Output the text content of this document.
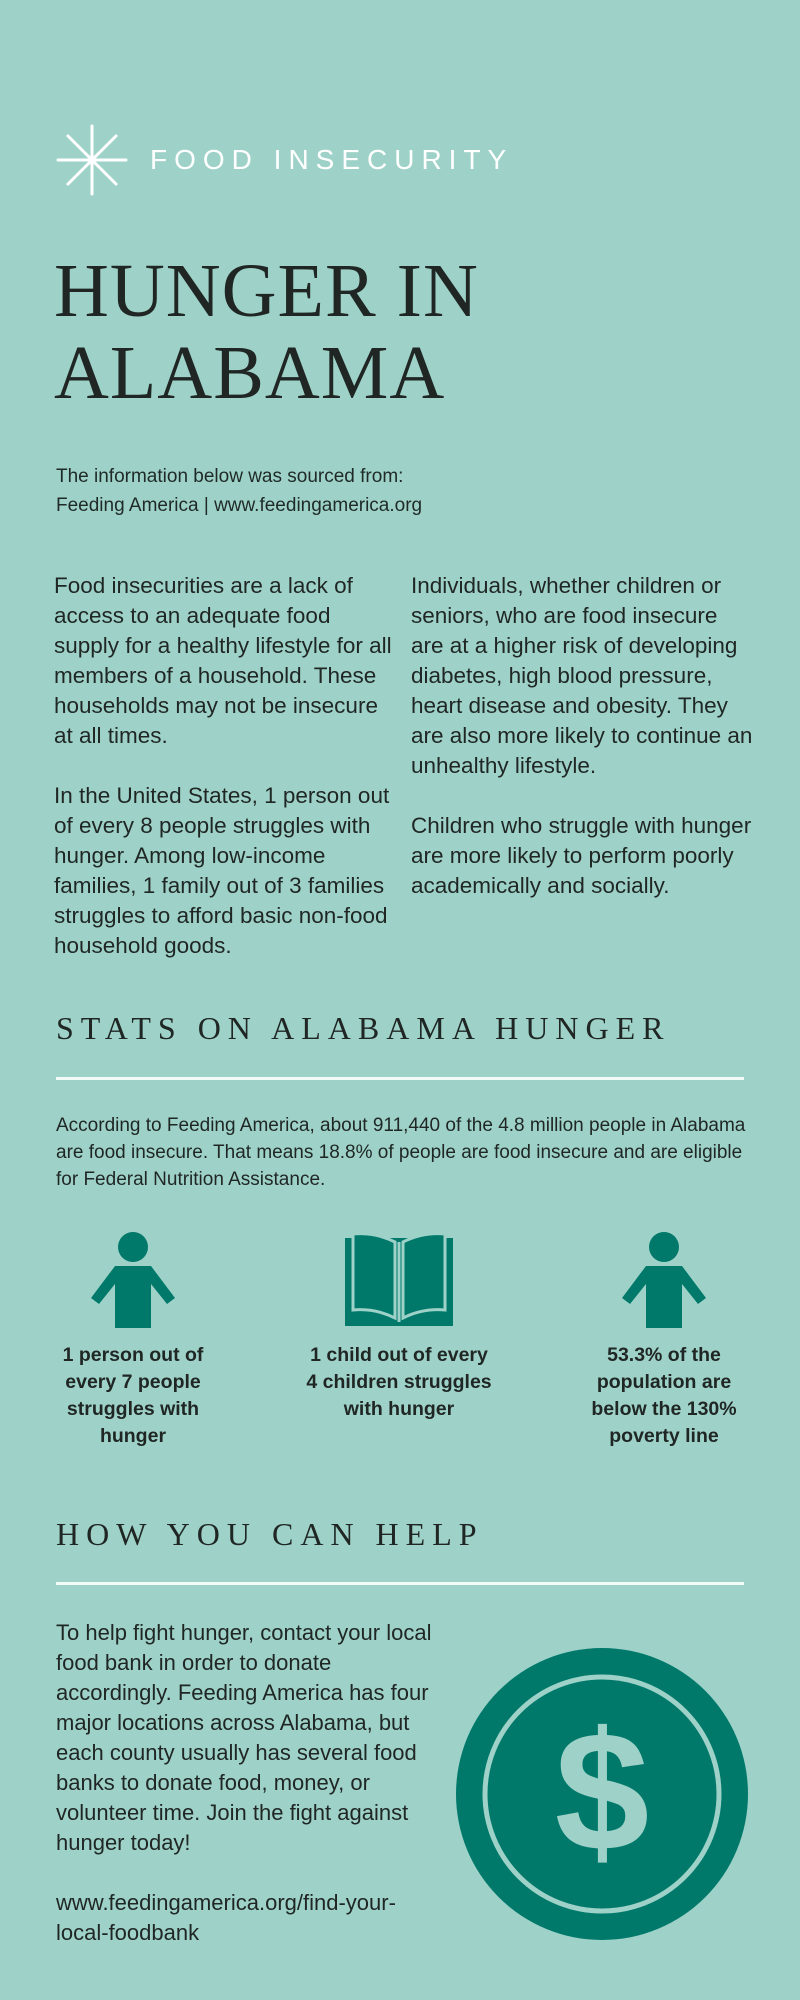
FOOD INSECURITY
HUNGER IN ALABAMA
The information below was sourced from:
Feeding America | www.feedingamerica.org

Food insecurities are a lack of access to an adequate food supply for a healthy lifestyle for all members of a household. These households may not be insecure at all times.

In the United States, 1 person out of every 8 people struggles with hunger. Among low-income families, 1 family out of 3 families struggles to afford basic non-food household goods.

Individuals, whether children or seniors, who are food insecure are at a higher risk of developing diabetes, high blood pressure, heart disease and obesity. They are also more likely to continue an unhealthy lifestyle.

Children who struggle with hunger are more likely to perform poorly academically and socially.

STATS ON ALABAMA HUNGER
According to Feeding America, about 911,440 of the 4.8 million people in Alabama are food insecure. That means 18.8% of people are food insecure and are eligible for Federal Nutrition Assistance.
1 person out of every 7 people struggles with hunger
1 child out of every 4 children struggles with hunger
53.3% of the population are below the 130% poverty line
HOW YOU CAN HELP

To help fight hunger, contact your local food bank in order to donate accordingly. Feeding America has four major locations across Alabama, but each county usually has several food banks to donate food, money, or volunteer time. Join the fight against hunger today!

www.feedingamerica.org/find-your-local-foodbank

$
